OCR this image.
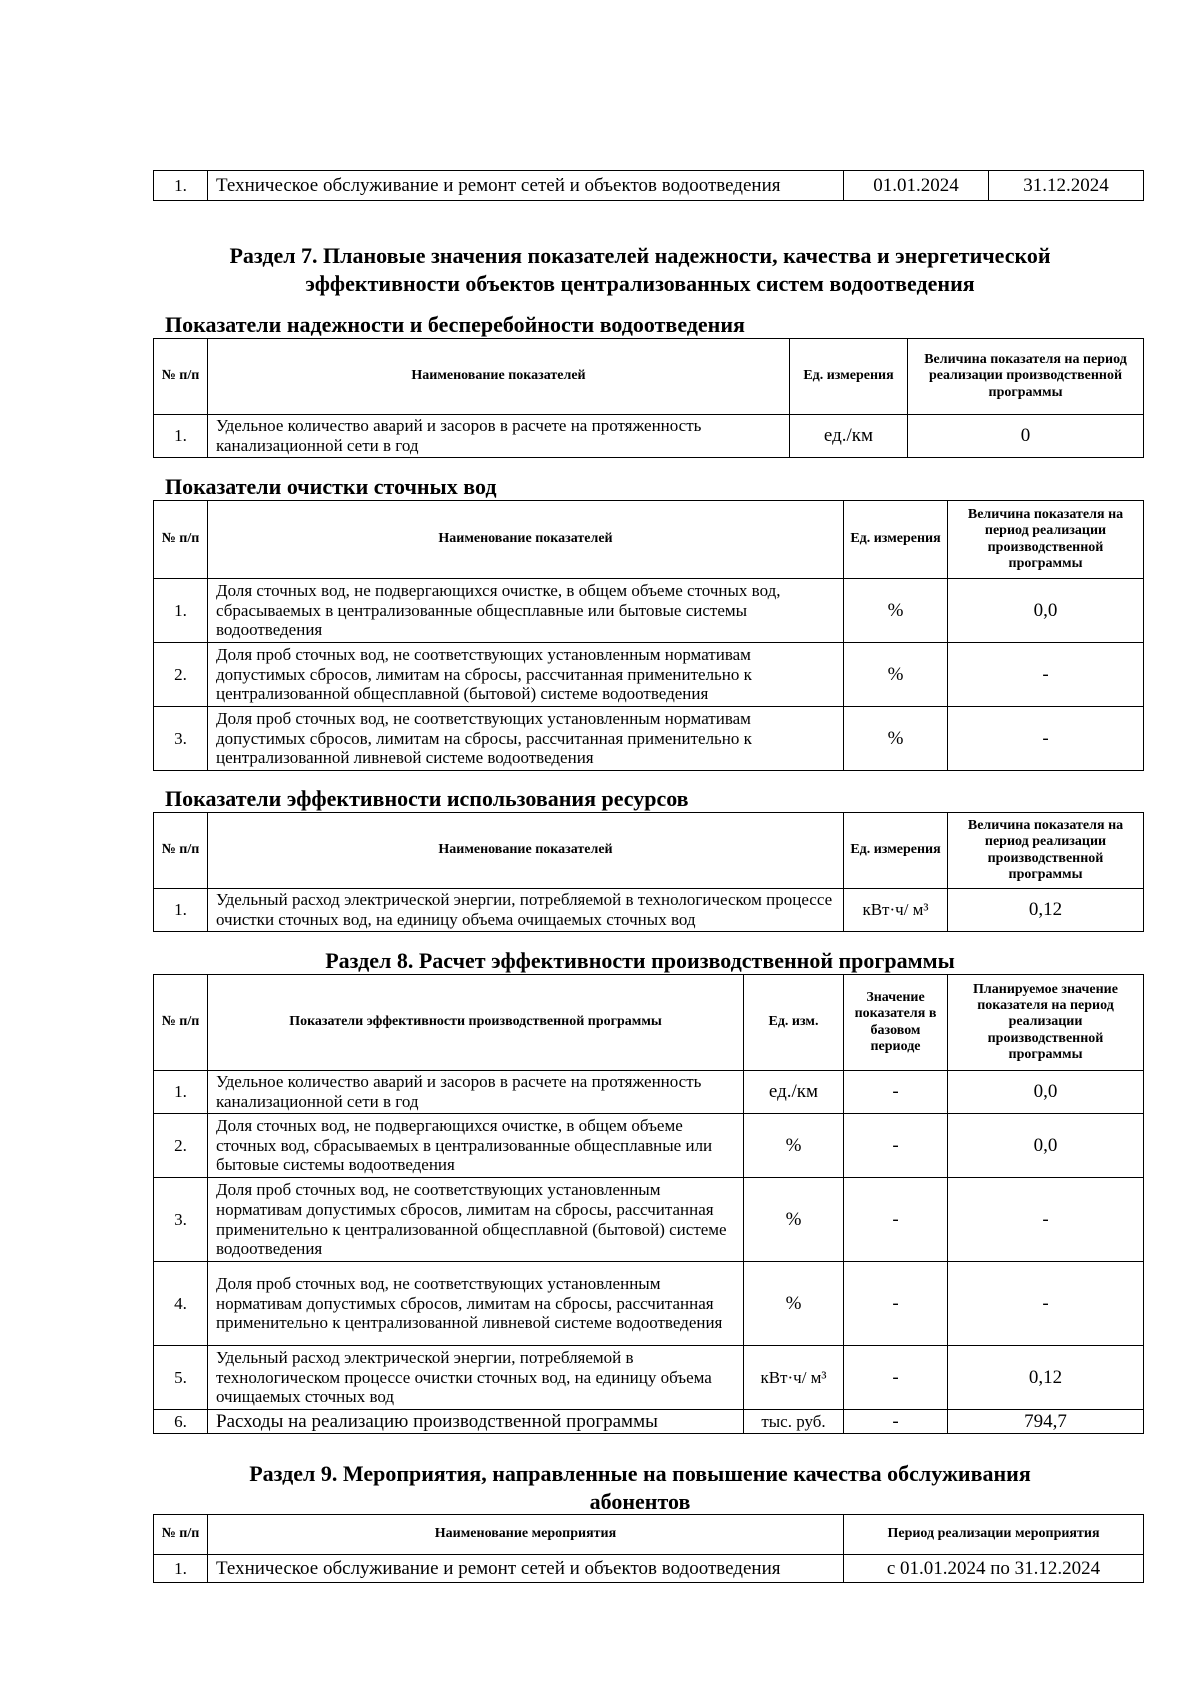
1.	Техническое обслуживание и ремонт сетей и объектов водоотведения	01.01.2024	31.12.2024
Раздел 7. Плановые значения показателей надежности, качества и энергетической
эффективности объектов централизованных систем водоотведения
Показатели надежности и бесперебойности водоотведения
№ п/п	Наименование показателей	Ед. измерения	Величина показателя на период реализации производственной программы
1.	Удельное количество аварий и засоров в расчете на протяженность канализационной сети в год	ед./км	0
Показатели очистки сточных вод
№ п/п	Наименование показателей	Ед. измерения	Величина показателя на период реализации производственной программы
1.	Доля сточных вод, не подвергающихся очистке, в общем объеме сточных вод, сбрасываемых в централизованные общесплавные или бытовые системы водоотведения	%	0,0
2.	Доля проб сточных вод, не соответствующих установленным нормативам допустимых сбросов, лимитам на сбросы, рассчитанная применительно к централизованной общесплавной (бытовой) системе водоотведения	%	-
3.	Доля проб сточных вод, не соответствующих установленным нормативам допустимых сбросов, лимитам на сбросы, рассчитанная применительно к централизованной ливневой системе водоотведения	%	-
Показатели эффективности использования ресурсов
№ п/п	Наименование показателей	Ед. измерения	Величина показателя на период реализации производственной программы
1.	Удельный расход электрической энергии, потребляемой в технологическом процессе очистки сточных вод, на единицу объема очищаемых сточных вод	кВт·ч/ м³	0,12
Раздел 8. Расчет эффективности производственной программы
№ п/п	Показатели эффективности производственной программы	Ед. изм.	Значение показателя в базовом периоде	Планируемое значение показателя на период реализации производственной программы
1.	Удельное количество аварий и засоров в расчете на протяженность канализационной сети в год	ед./км	-	0,0
2.	Доля сточных вод, не подвергающихся очистке, в общем объеме сточных вод, сбрасываемых в централизованные общесплавные или бытовые системы водоотведения	%	-	0,0
3.	Доля проб сточных вод, не соответствующих установленным нормативам допустимых сбросов, лимитам на сбросы, рассчитанная применительно к централизованной общесплавной (бытовой) системе водоотведения	%	-	-
4.	Доля проб сточных вод, не соответствующих установленным нормативам допустимых сбросов, лимитам на сбросы, рассчитанная применительно к централизованной ливневой системе водоотведения	%	-	-
5.	Удельный расход электрической энергии, потребляемой в технологическом процессе очистки сточных вод, на единицу объема очищаемых сточных вод	кВт·ч/ м³	-	0,12
6.	Расходы на реализацию производственной программы	тыс. руб.	-	794,7
Раздел 9. Мероприятия, направленные на повышение качества обслуживания
абонентов
№ п/п	Наименование мероприятия	Период реализации мероприятия
1.	Техническое обслуживание и ремонт сетей и объектов водоотведения	с 01.01.2024 по 31.12.2024
